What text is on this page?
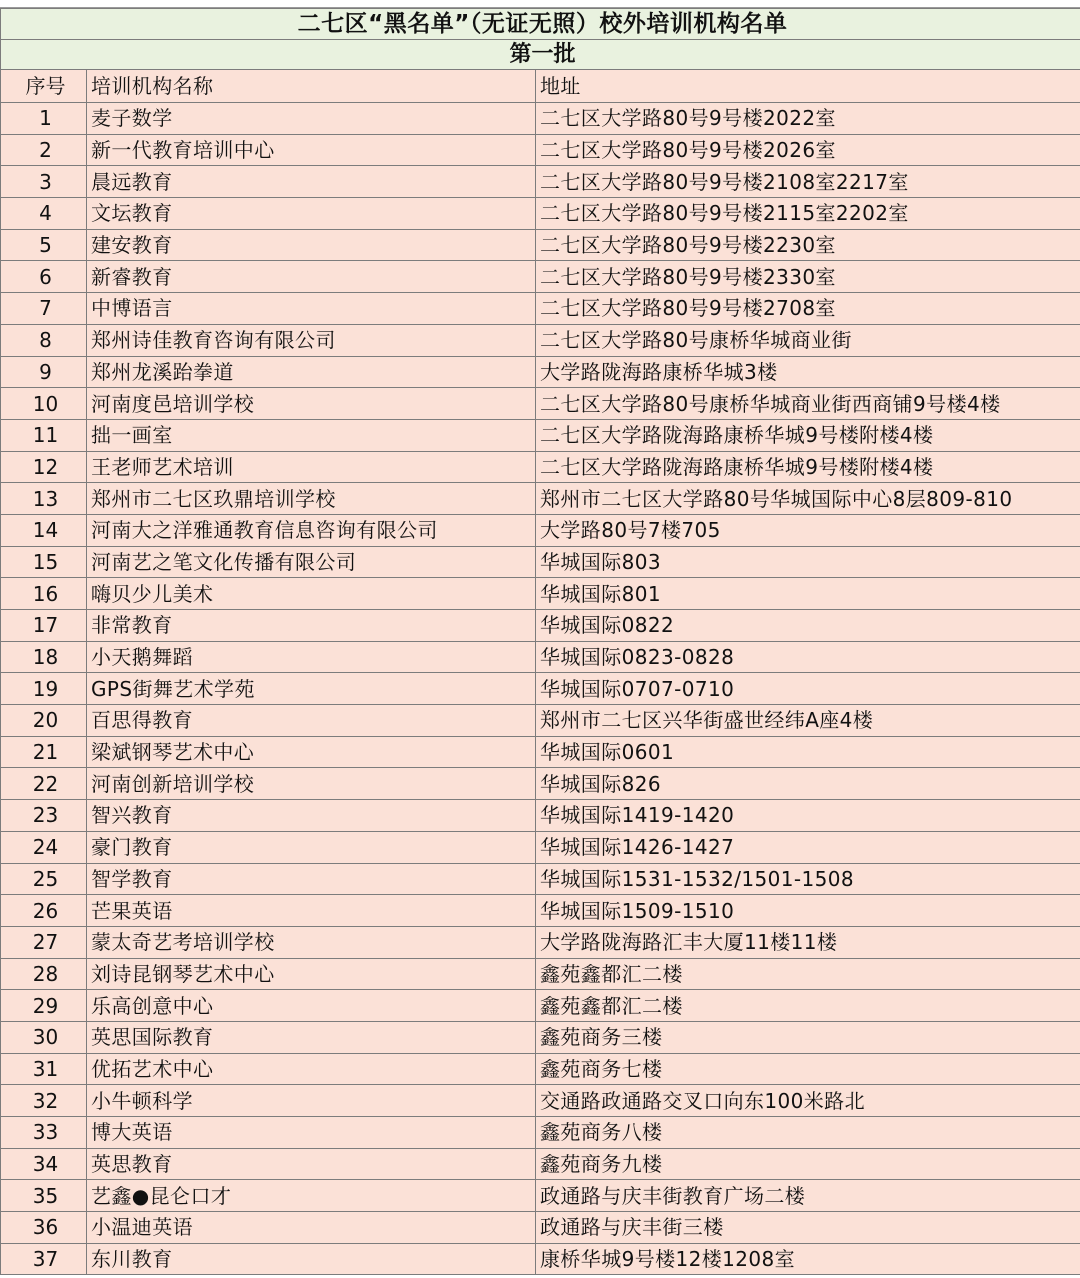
二七区“黑名单”（无证无照）校外培训机构名单		
第一批		
序号	培训机构名称	地址
1	麦子数学	二七区大学路80号9号楼2022室
2	新一代教育培训中心	二七区大学路80号9号楼2026室
3	晨远教育	二七区大学路80号9号楼2108室2217室
4	文坛教育	二七区大学路80号9号楼2115室2202室
5	建安教育	二七区大学路80号9号楼2230室
6	新睿教育	二七区大学路80号9号楼2330室
7	中博语言	二七区大学路80号9号楼2708室
8	郑州诗佳教育咨询有限公司	二七区大学路80号康桥华城商业街
9	郑州龙溪跆拳道	大学路陇海路康桥华城3楼
10	河南度邑培训学校	二七区大学路80号康桥华城商业街西商铺9号楼4楼
11	拙一画室	二七区大学路陇海路康桥华城9号楼附楼4楼
12	王老师艺术培训	二七区大学路陇海路康桥华城9号楼附楼4楼
13	郑州市二七区玖鼎培训学校	郑州市二七区大学路80号华城国际中心8层809-810
14	河南大之洋雅通教育信息咨询有限公司	大学路80号7楼705
15	河南艺之笔文化传播有限公司	华城国际803
16	嗨贝少儿美术	华城国际801
17	非常教育	华城国际0822
18	小天鹅舞蹈	华城国际0823-0828
19	GPS街舞艺术学苑	华城国际0707-0710
20	百思得教育	郑州市二七区兴华街盛世经纬A座4楼
21	梁斌钢琴艺术中心	华城国际0601
22	河南创新培训学校	华城国际826
23	智兴教育	华城国际1419-1420
24	豪门教育	华城国际1426-1427
25	智学教育	华城国际1531-1532/1501-1508
26	芒果英语	华城国际1509-1510
27	蒙太奇艺考培训学校	大学路陇海路汇丰大厦11楼11楼
28	刘诗昆钢琴艺术中心	鑫苑鑫都汇二楼
29	乐高创意中心	鑫苑鑫都汇二楼
30	英思国际教育	鑫苑商务三楼
31	优拓艺术中心	鑫苑商务七楼
32	小牛顿科学	交通路政通路交叉口向东100米路北
33	博大英语	鑫苑商务八楼
34	英思教育	鑫苑商务九楼
35	艺鑫●昆仑口才	政通路与庆丰街教育广场二楼
36	小温迪英语	政通路与庆丰街三楼
37	东川教育	康桥华城9号楼12楼1208室
